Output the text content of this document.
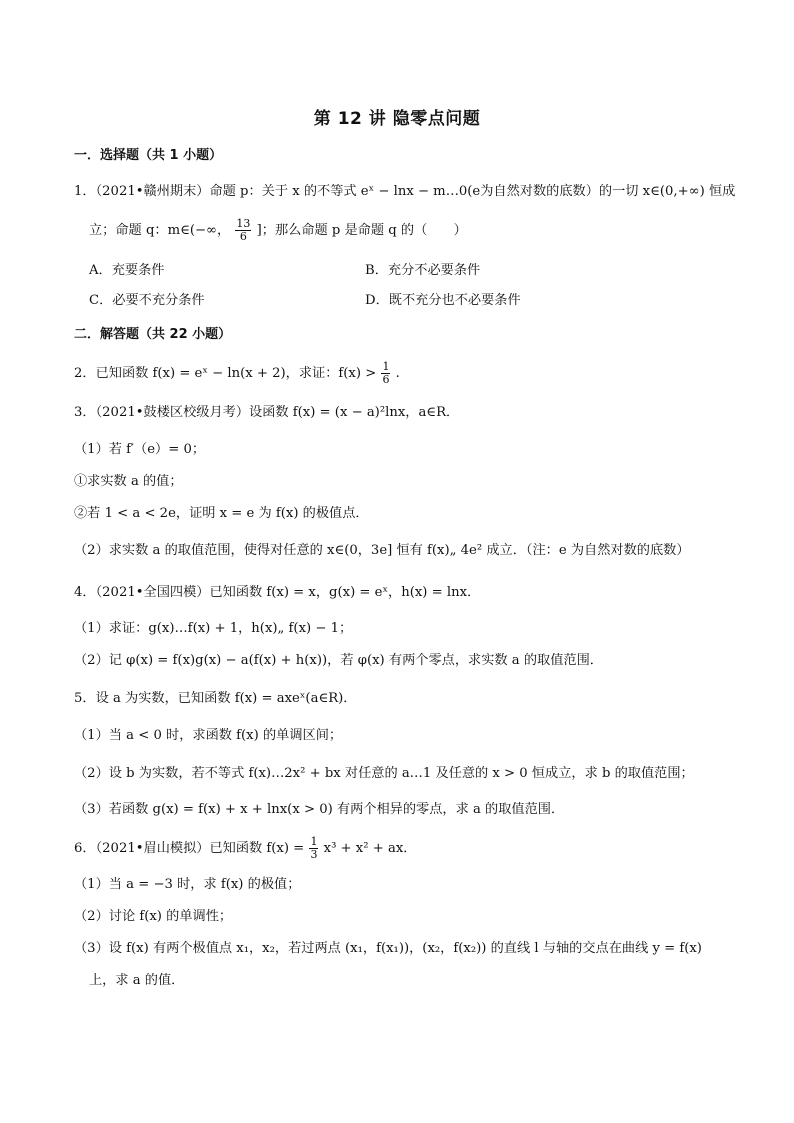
第 12 讲 隐零点问题
一．选择题（共 1 小题）
1．（2021•赣州期末）命题 p：关于 x 的不等式 eˣ − lnx − m…0(e为自然对数的底数）的一切 x∈(0,+∞) 恒成
立；命题 q：m∈(−∞， $\frac{13}{6}$ ]；那么命题 p 是命题 q 的（　　）
A．充要条件	B．充分不必要条件
C．必要不充分条件	D．既不充分也不必要条件
二．解答题（共 22 小题）
2．已知函数 f(x) = eˣ − ln(x + 2)，求证：$f(x) > \frac{1}{6}$ .
3．（2021•鼓楼区校级月考）设函数 f(x) = (x − a)²lnx，a∈R．
（1）若 f′（e）= 0；
①求实数 a 的值；
②若 1 < a < 2e，证明 x = e 为 f(x) 的极值点．
（2）求实数 a 的取值范围，使得对任意的 x∈(0，3e] 恒有 f(x)„ 4e² 成立．（注：e 为自然对数的底数）
4．（2021•全国四模）已知函数 f(x) = x，g(x) = eˣ，h(x) = lnx．
（1）求证：g(x)…f(x) + 1，h(x)„ f(x) − 1；
（2）记 φ(x) = f(x)g(x) − a(f(x) + h(x))，若 φ(x) 有两个零点，求实数 a 的取值范围．
5．设 a 为实数，已知函数 f(x) = axeˣ(a∈R)．
（1）当 a < 0 时，求函数 f(x) 的单调区间；
（2）设 b 为实数，若不等式 f(x)…2x² + bx 对任意的 a…1 及任意的 x > 0 恒成立，求 b 的取值范围；
（3）若函数 g(x) = f(x) + x + lnx(x > 0) 有两个相异的零点，求 a 的取值范围．
6．（2021•眉山模拟）已知函数 $f(x) = \frac{1}{3} x^3 + x^2$ + ax．
（1）当 a = −3 时，求 f(x) 的极值；
（2）讨论 f(x) 的单调性；
（3）设 f(x) 有两个极值点 x₁，x₂，若过两点 (x₁，f(x₁))，(x₂，f(x₂)) 的直线 l 与轴的交点在曲线 y = f(x)
上，求 a 的值．
